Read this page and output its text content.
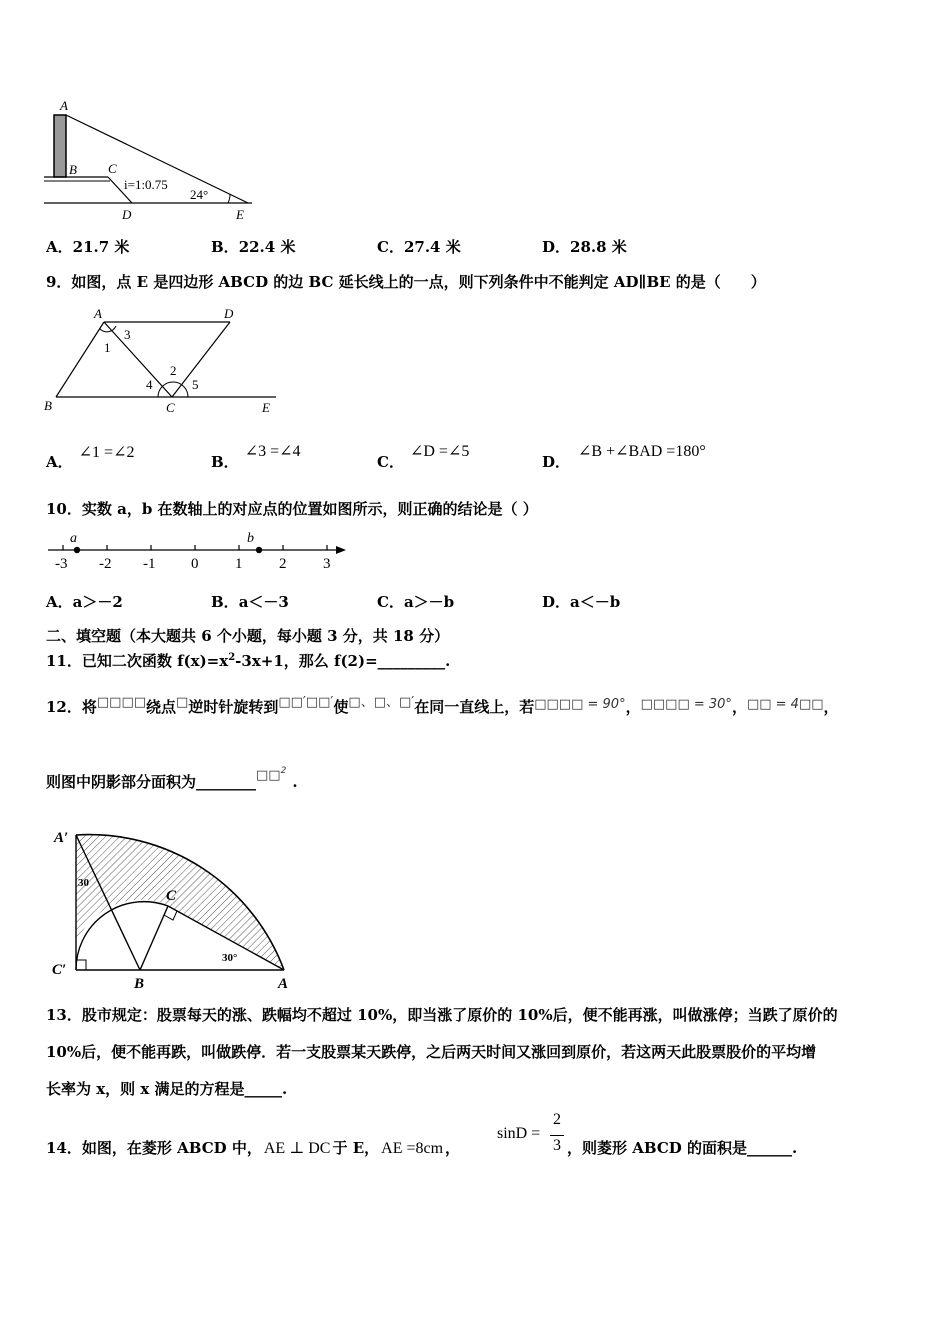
A
B C
D	E
i=1:0.75
24°
A．21.7 米	B．22.4 米	C．27.4 米	D．28.8 米
9．如图，点 E 是四边形 ABCD 的边 BC 延长线上的一点，则下列条件中不能判定 AD∥BE 的是（　　）
A	D
B	C	E
1
3
2
4	5
A．∠1 =∠2
B．∠3 =∠4
C．∠D =∠5
D．∠B +∠BAD =180°
10．实数 a，b 在数轴上的对应点的位置如图所示，则正确的结论是（ ）
-3 -2 -1 0 1 2 3
a	b
A．a＞－2	B．a＜－3	C．a＞－b	D．a＜－b
二、填空题（本大题共 6 个小题，每小题 3 分，共 18 分）
11．已知二次函数 $f(x)=x^2-3x+1$，那么 f(2)=_________.
12．将□□□□绕点□逆时针旋转到□□′□□′使□、□、□′在同一直线上，若□□□□ = 90°，□□□□ = 30°，□□ = 4□□，
则图中阴影部分面积为________□□$^2$.
A′
C′
B
C
A
30
30°
13．股市规定：股票每天的涨、跌幅均不超过 10%，即当涨了原价的 10%后，便不能再涨，叫做涨停；当跌了原价的
10%后，便不能再跌，叫做跌停．若一支股票某天跌停，之后两天时间又涨回到原价，若这两天此股票股价的平均增
长率为 x，则 x 满足的方程是_____.
14．如图，在菱形 ABCD 中， AE ⊥ DC 于 E， AE =8cm ，
sinD =
2
3 ，则菱形 ABCD 的面积是______.
